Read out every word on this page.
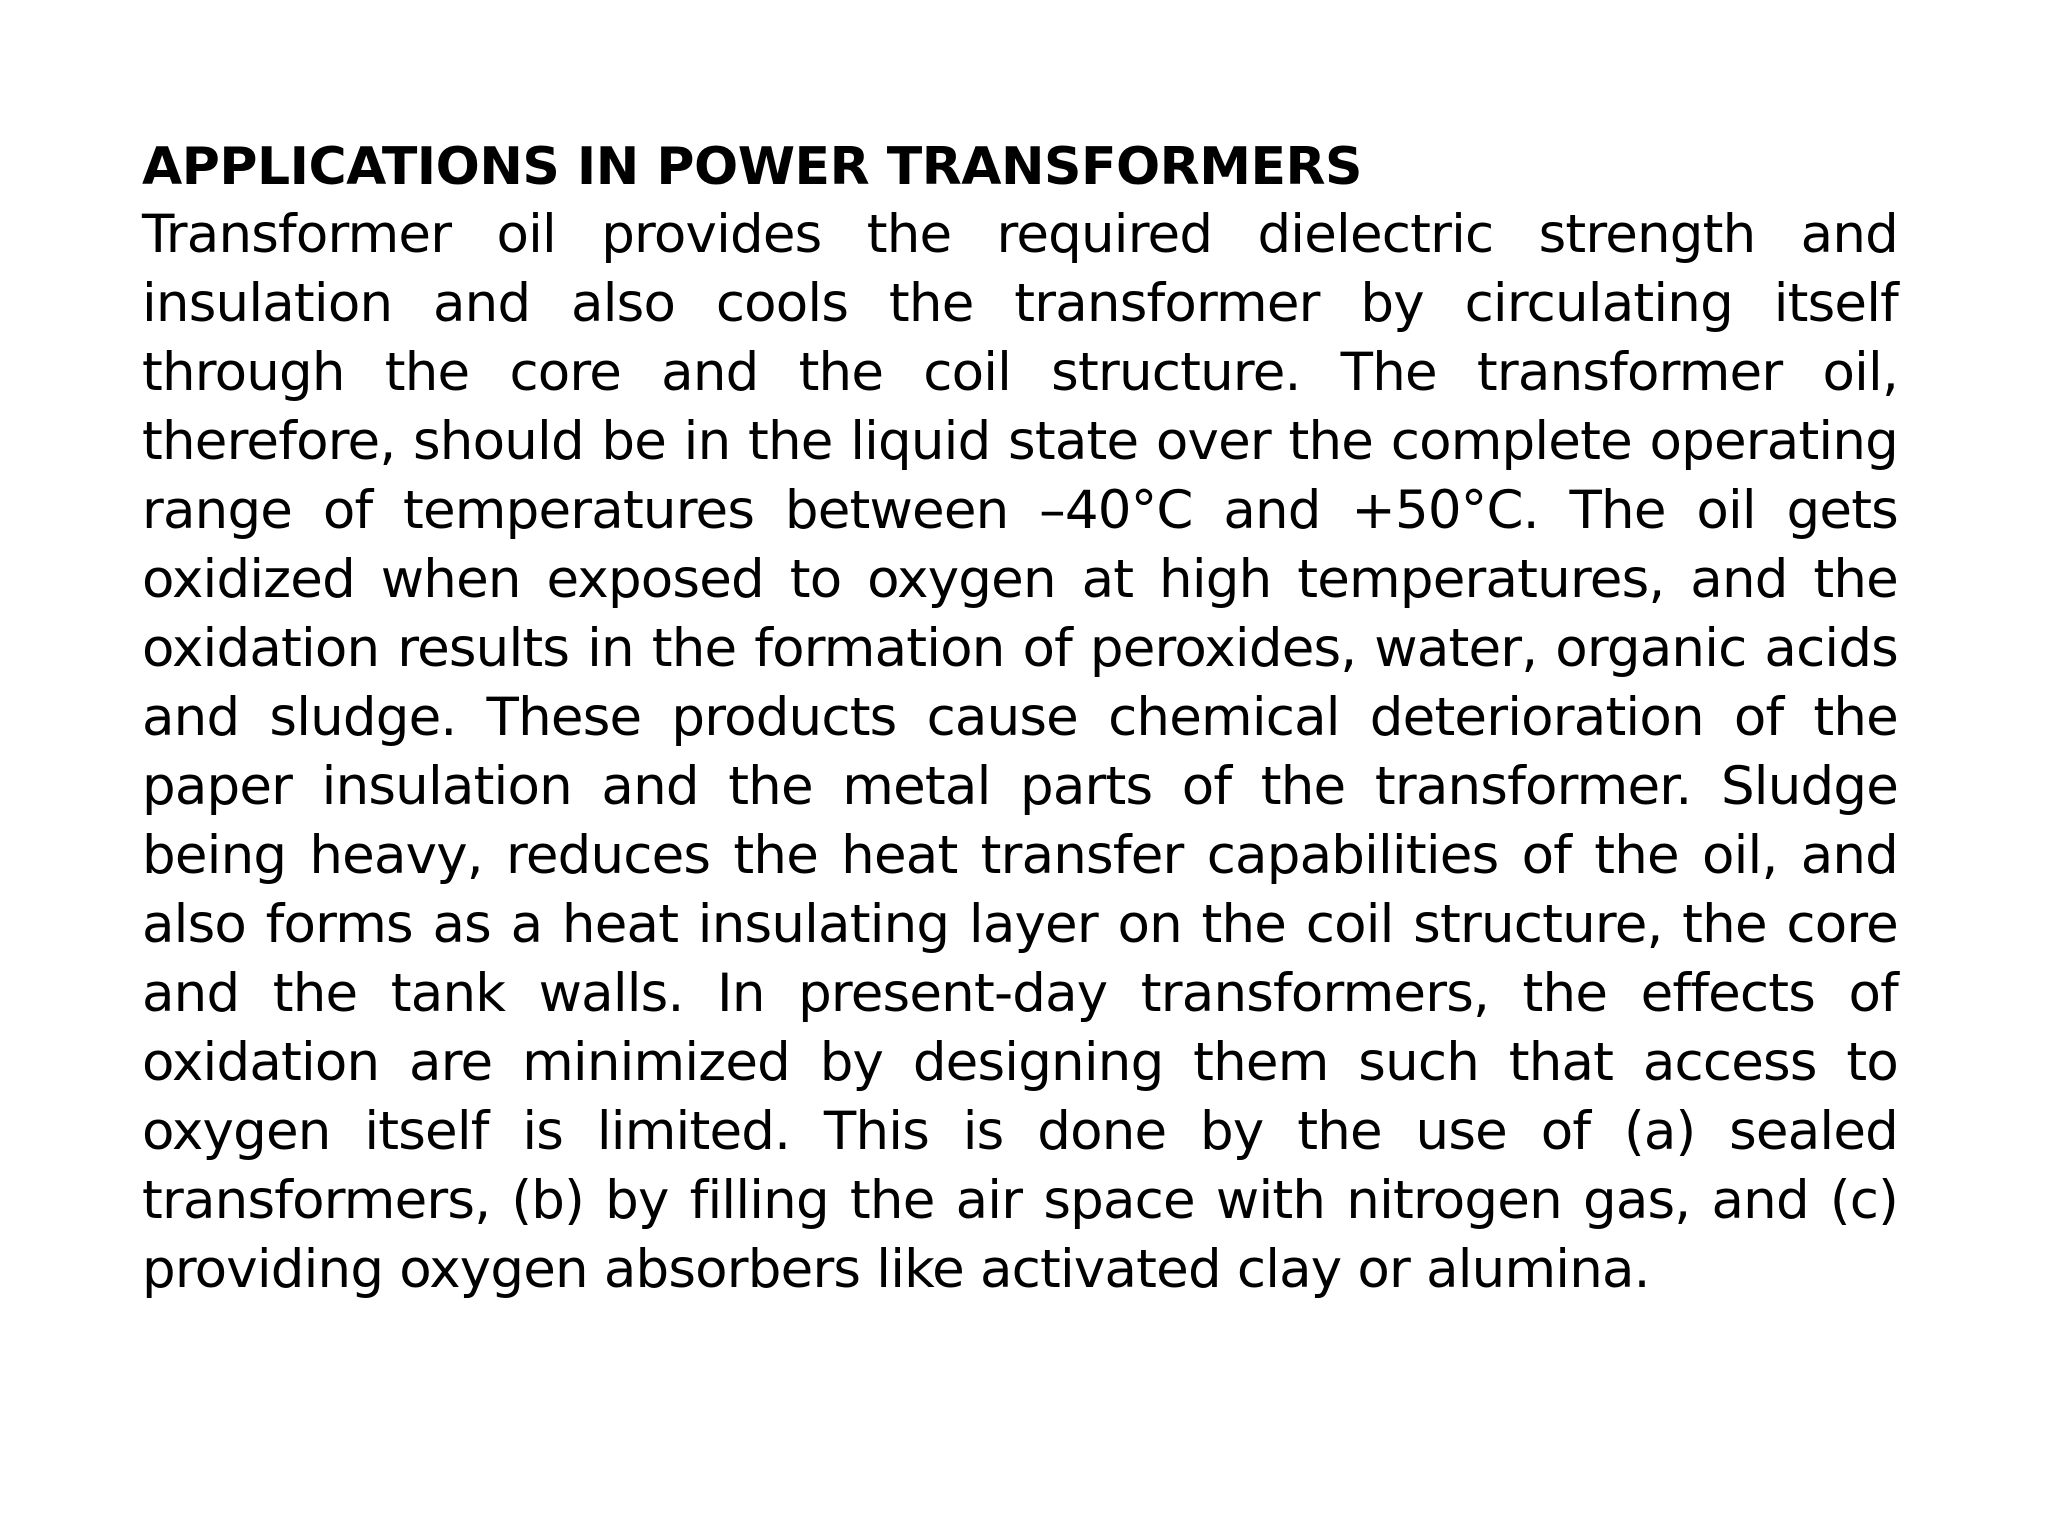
APPLICATIONS IN POWER TRANSFORMERS

Transformer oil provides the required dielectric strength and insulation and also cools the transformer by circulating itself through the core and the coil structure. The transformer oil, therefore, should be in the liquid state over the complete operating range of temperatures between –40°C and +50°C. The oil gets oxidized when exposed to oxygen at high temperatures, and the oxidation results in the formation of peroxides, water, organic acids and sludge. These products cause chemical deterioration of the paper insulation and the metal parts of the transformer. Sludge being heavy, reduces the heat transfer capabilities of the oil, and also forms as a heat insulating layer on the coil structure, the core and the tank walls. In present-day transformers, the effects of oxidation are minimized by designing them such that access to oxygen itself is limited. This is done by the use of (a) sealed transformers, (b) by filling the air space with nitrogen gas, and (c) providing oxygen absorbers like activated clay or alumina.
